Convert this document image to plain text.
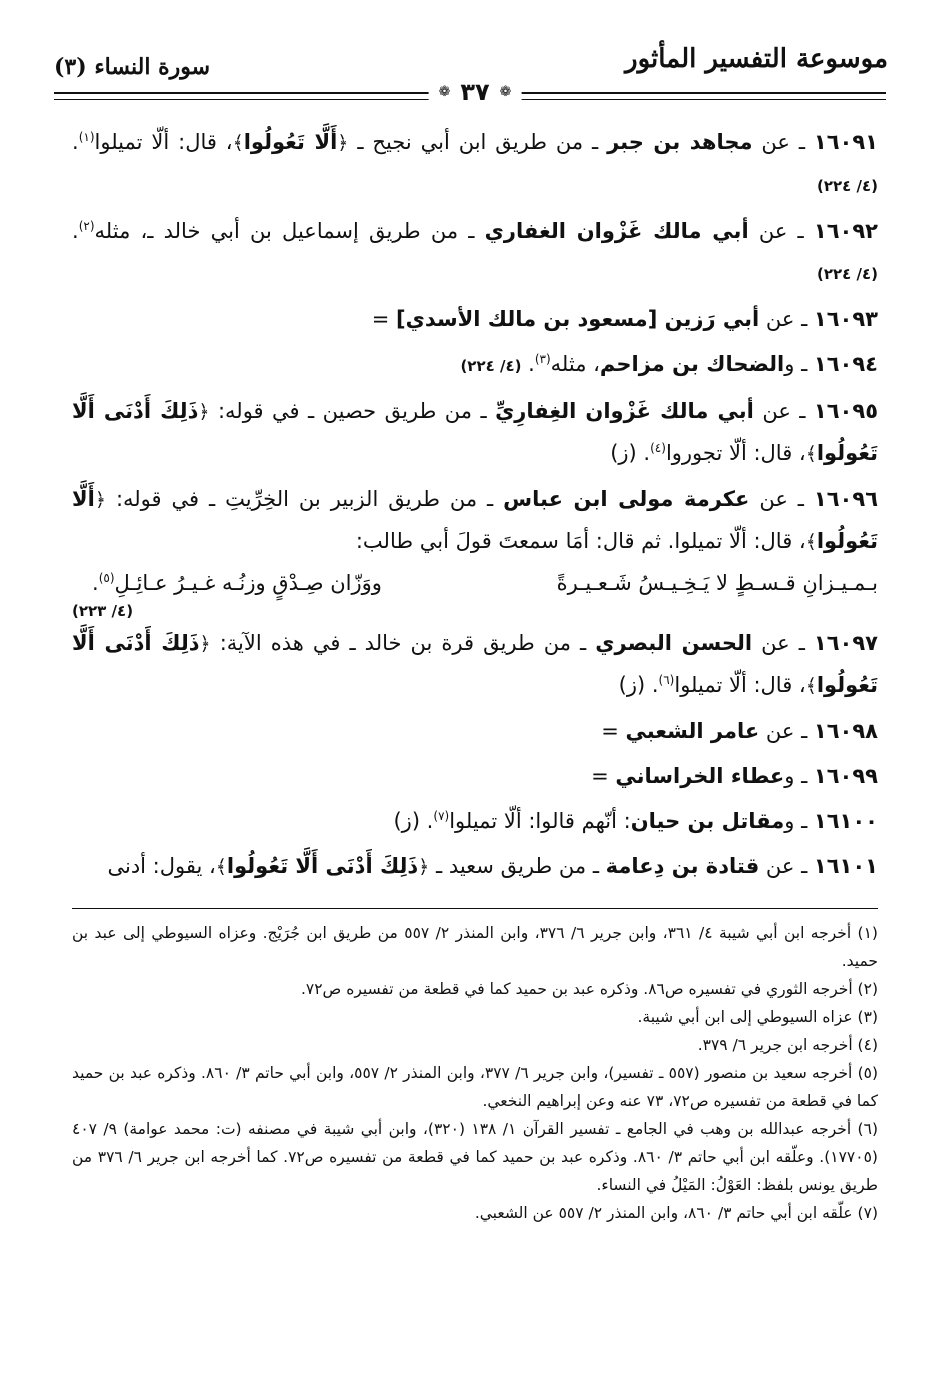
موسوعة التفسير المأثور
سورة النساء (٣)
❁
٣٧
❁

١٦٠٩١ ـ عن مجاهد بن جبر ـ من طريق ابن أبي نجيح ـ ﴿أَلَّا تَعُولُوا﴾، قال: ألّا تميلوا$^{(١)}$. (٤/ ٢٢٤)

١٦٠٩٢ ـ عن أبي مالك غَزْوان الغفاري ـ من طريق إسماعيل بن أبي خالد ـ، مثله$^{(٢)}$. (٤/ ٢٢٤)

١٦٠٩٣ ـ عن أبي رَزين [مسعود بن مالك الأسدي] =

١٦٠٩٤ ـ والضحاك بن مزاحم، مثله$^{(٣)}$. (٤/ ٢٢٤)

١٦٠٩٥ ـ عن أبي مالك غَزْوان الغِفارِيِّ ـ من طريق حصين ـ في قوله: ﴿ذَلِكَ أَدْنَى أَلَّا تَعُولُوا﴾، قال: ألّا تجوروا$^{(٤)}$. (ز)

١٦٠٩٦ ـ عن عكرمة مولى ابن عباس ـ من طريق الزبير بن الخِرِّيتِ ـ في قوله: ﴿أَلَّا تَعُولُوا﴾، قال: ألّا تميلوا. ثم قال: أمَا سمعتَ قولَ أبي طالب:

بـمـيـزانِ قـسـطٍ لا يَـخِـيـسُ شَـعـيـرةً
ووَزّان صِـدْقٍ وزنُـه غـيـرُ عـائِـلِ$^{(٥)}$.
(٤/ ٢٢٣)

١٦٠٩٧ ـ عن الحسن البصري ـ من طريق قرة بن خالد ـ في هذه الآية: ﴿ذَلِكَ أَدْنَى أَلَّا تَعُولُوا﴾، قال: ألّا تميلوا$^{(٦)}$. (ز)

١٦٠٩٨ ـ عن عامر الشعبي =

١٦٠٩٩ ـ وعطاء الخراساني =

١٦١٠٠ ـ ومقاتل بن حيان: أنّهم قالوا: ألّا تميلوا$^{(٧)}$. (ز)

١٦١٠١ ـ عن قتادة بن دِعامة ـ من طريق سعيد ـ ﴿ذَلِكَ أَدْنَى أَلَّا تَعُولُوا﴾، يقول: أدنى

(١) أخرجه ابن أبي شيبة ٤/ ٣٦١، وابن جرير ٦/ ٣٧٦، وابن المنذر ٢/ ٥٥٧ من طريق ابن جُرَيْج. وعزاه السيوطي إلى عبد بن حميد.

(٢) أخرجه الثوري في تفسيره ص٨٦. وذكره عبد بن حميد كما في قطعة من تفسيره ص٧٢.

(٣) عزاه السيوطي إلى ابن أبي شيبة.

(٤) أخرجه ابن جرير ٦/ ٣٧٩.

(٥) أخرجه سعيد بن منصور (٥٥٧ ـ تفسير)، وابن جرير ٦/ ٣٧٧، وابن المنذر ٢/ ٥٥٧، وابن أبي حاتم ٣/ ٨٦٠. وذكره عبد بن حميد كما في قطعة من تفسيره ص٧٢، ٧٣ عنه وعن إبراهيم النخعي.

(٦) أخرجه عبدالله بن وهب في الجامع ـ تفسير القرآن ١/ ١٣٨ (٣٢٠)، وابن أبي شيبة في مصنفه (ت: محمد عوامة) ٩/ ٤٠٧ (١٧٧٠٥). وعلّقه ابن أبي حاتم ٣/ ٨٦٠. وذكره عبد بن حميد كما في قطعة من تفسيره ص٧٢. كما أخرجه ابن جرير ٦/ ٣٧٦ من طريق يونس بلفظ: العَوْلُ: المَيْلُ في النساء.

(٧) علّقه ابن أبي حاتم ٣/ ٨٦٠، وابن المنذر ٢/ ٥٥٧ عن الشعبي.
